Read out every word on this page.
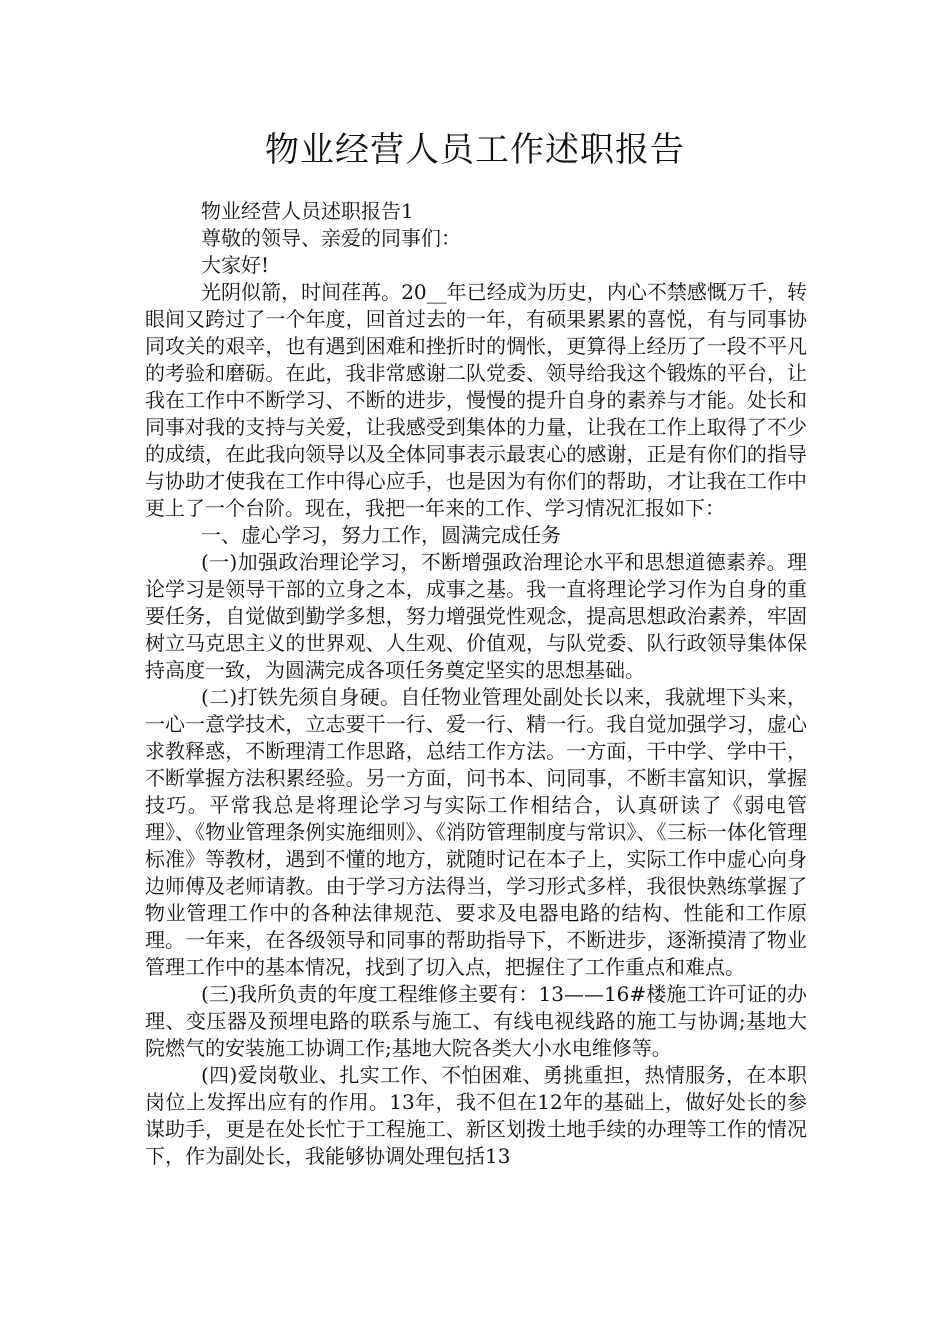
物业经营人员工作述职报告

物业经营人员述职报告1

尊敬的领导、亲爱的同事们：

大家好!

光阴似箭，时间荏苒。20__年已经成为历史，内心不禁感慨万千，转眼间又跨过了一个年度，回首过去的一年，有硕果累累的喜悦，有与同事协同攻关的艰辛，也有遇到困难和挫折时的惆怅，更算得上经历了一段不平凡的考验和磨砺。在此，我非常感谢二队党委、领导给我这个锻炼的平台，让我在工作中不断学习、不断的进步，慢慢的提升自身的素养与才能。处长和同事对我的支持与关爱，让我感受到集体的力量，让我在工作上取得了不少的成绩，在此我向领导以及全体同事表示最衷心的感谢，正是有你们的指导与协助才使我在工作中得心应手，也是因为有你们的帮助，才让我在工作中更上了一个台阶。现在，我把一年来的工作、学习情况汇报如下：

一、虚心学习，努力工作，圆满完成任务

(一)加强政治理论学习，不断增强政治理论水平和思想道德素养。理论学习是领导干部的立身之本，成事之基。我一直将理论学习作为自身的重要任务，自觉做到勤学多想，努力增强党性观念，提高思想政治素养，牢固树立马克思主义的世界观、人生观、价值观，与队党委、队行政领导集体保持高度一致，为圆满完成各项任务奠定坚实的思想基础。

(二)打铁先须自身硬。自任物业管理处副处长以来，我就埋下头来，一心一意学技术，立志要干一行、爱一行、精一行。我自觉加强学习，虚心求教释惑，不断理清工作思路，总结工作方法。一方面，干中学、学中干，不断掌握方法积累经验。另一方面，问书本、问同事，不断丰富知识，掌握技巧。平常我总是将理论学习与实际工作相结合，认真研读了《弱电管理》、《物业管理条例实施细则》、《消防管理制度与常识》、《三标一体化管理标准》等教材，遇到不懂的地方，就随时记在本子上，实际工作中虚心向身边师傅及老师请教。由于学习方法得当，学习形式多样，我很快熟练掌握了物业管理工作中的各种法律规范、要求及电器电路的结构、性能和工作原理。一年来，在各级领导和同事的帮助指导下，不断进步，逐渐摸清了物业管理工作中的基本情况，找到了切入点，把握住了工作重点和难点。

(三)我所负责的年度工程维修主要有：13——16#楼施工许可证的办理、变压器及预埋电路的联系与施工、有线电视线路的施工与协调;基地大院燃气的安装施工协调工作;基地大院各类大小水电维修等。

(四)爱岗敬业、扎实工作、不怕困难、勇挑重担，热情服务，在本职岗位上发挥出应有的作用。13年，我不但在12年的基础上，做好处长的参谋助手，更是在处长忙于工程施工、新区划拨土地手续的办理等工作的情况下，作为副处长，我能够协调处理包括13
